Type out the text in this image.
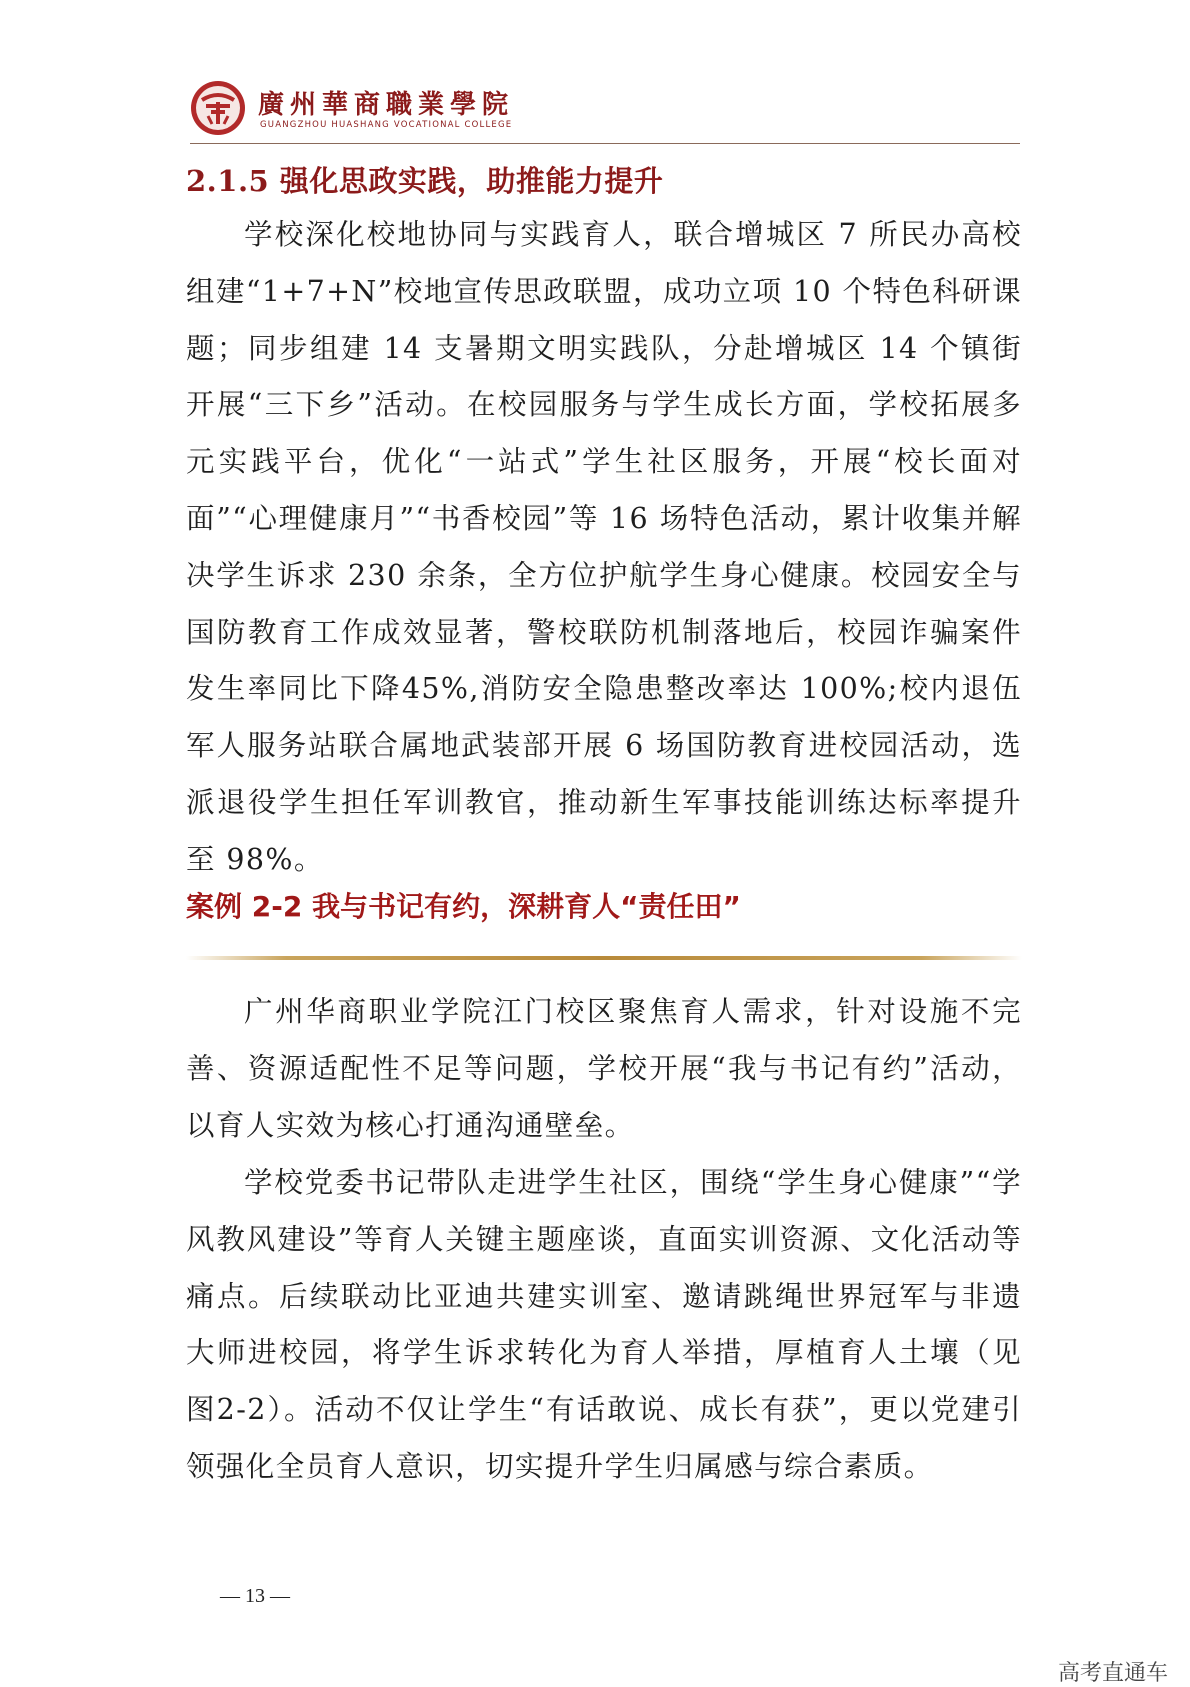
廣州華商職業學院
GUANGZHOU HUASHANG VOCATIONAL COLLEGE
2.1.5 强化思政实践，助推能力提升

学校深化校地协同与实践育人，联合增城区 7 所民办高校组建“1+7+N”校地宣传思政联盟，成功立项 10 个特色科研课题；同步组建 14 支暑期文明实践队，分赴增城区 14 个镇街开展“三下乡”活动。在校园服务与学生成长方面，学校拓展多元实践平台，优化“一站式”学生社区服务，开展“校长面对面”“心理健康月”“书香校园”等 16 场特色活动，累计收集并解决学生诉求 230 余条，全方位护航学生身心健康。校园安全与国防教育工作成效显著，警校联防机制落地后，校园诈骗案件发生率同比下降45%,消防安全隐患整改率达 100%;校内退伍军人服务站联合属地武装部开展 6 场国防教育进校园活动，选派退役学生担任军训教官，推动新生军事技能训练达标率提升至 98%。

案例 2-2 我与书记有约，深耕育人“责任田”

广州华商职业学院江门校区聚焦育人需求，针对设施不完善、资源适配性不足等问题，学校开展“我与书记有约”活动，以育人实效为核心打通沟通壁垒。

学校党委书记带队走进学生社区，围绕“学生身心健康”“学风教风建设”等育人关键主题座谈，直面实训资源、文化活动等痛点。后续联动比亚迪共建实训室、邀请跳绳世界冠军与非遗大师进校园，将学生诉求转化为育人举措，厚植育人土壤（见图2-2）。活动不仅让学生“有话敢说、成长有获”，更以党建引领强化全员育人意识，切实提升学生归属感与综合素质。

— 13 —
高考直通车
